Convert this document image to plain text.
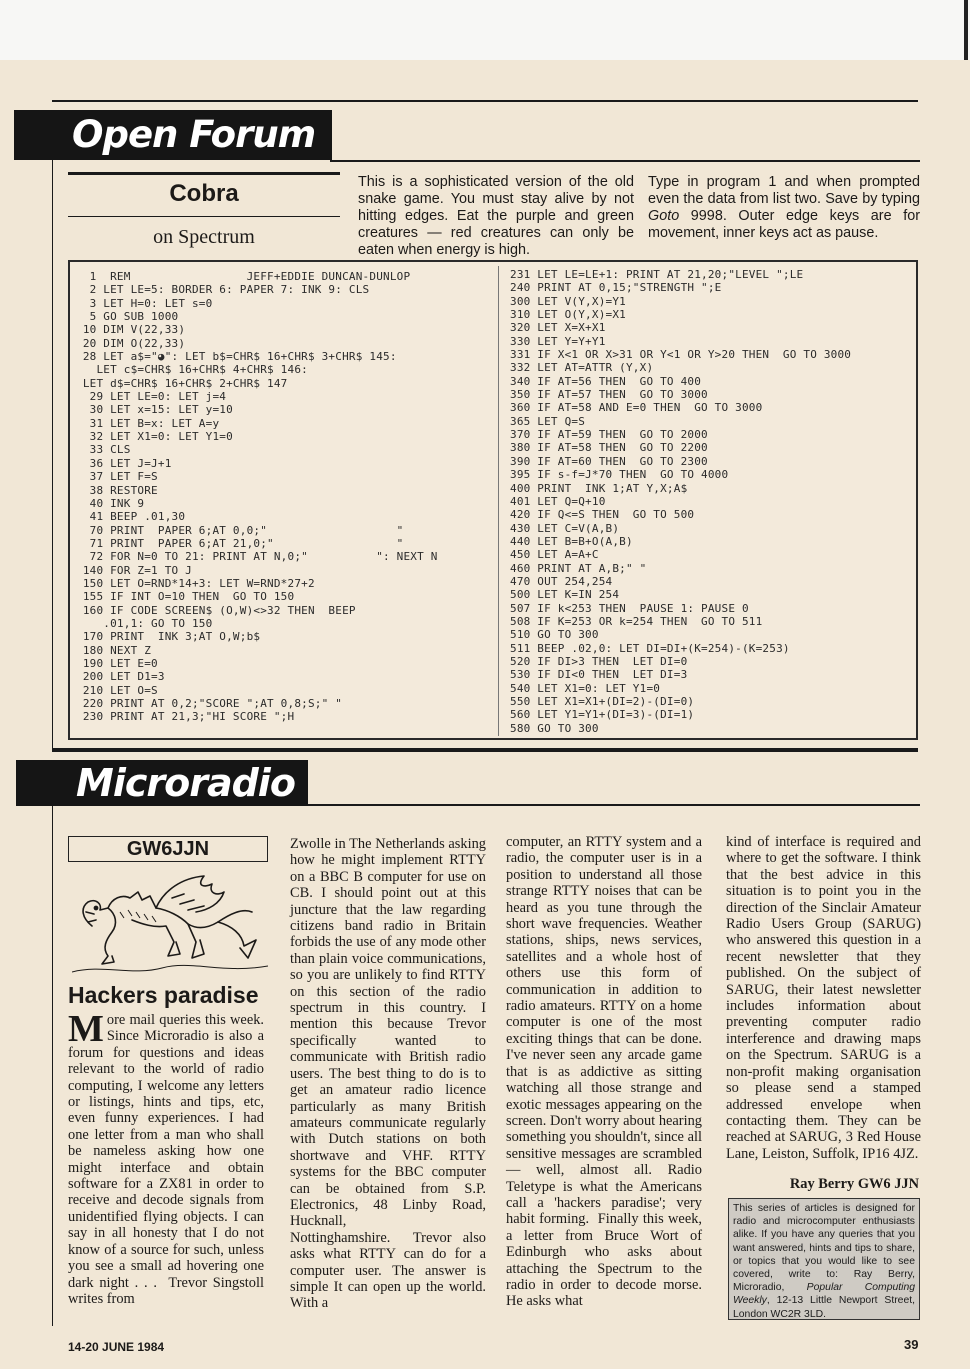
Open Forum
Cobra
on Spectrum
This is a sophisticated version of the old snake game. You must stay alive by not hitting edges. Eat the purple and green creatures — red creatures can only be eaten when energy is high.
Type in program 1 and when prompted even the data from list two. Save by typing Goto 9998. Outer edge keys are for movement, inner keys act as pause.
1  REM                 JEFF+EDDIE DUNCAN-DUNLOP
2 LET LE=5: BORDER 6: PAPER 7: INK 9: CLS
3 LET H=0: LET s=0
5 GO SUB 1000
10 DIM V(22,33)
20 DIM O(22,33)
28 LET a$="◕": LET b$=CHR$ 16+CHR$ 3+CHR$ 145:
LET c$=CHR$ 16+CHR$ 4+CHR$ 146:
LET d$=CHR$ 16+CHR$ 2+CHR$ 147
29 LET LE=0: LET j=4
30 LET x=15: LET y=10
31 LET B=x: LET A=y
32 LET X1=0: LET Y1=0
33 CLS
36 LET J=J+1
37 LET F=S
38 RESTORE
40 INK 9
41 BEEP .01,30
70 PRINT  PAPER 6;AT 0,0;"                   "
71 PRINT  PAPER 6;AT 21,0;"                  "
72 FOR N=0 TO 21: PRINT AT N,0;"          ": NEXT N
140 FOR Z=1 TO J
150 LET O=RND*14+3: LET W=RND*27+2
155 IF INT O=10 THEN  GO TO 150
160 IF CODE SCREEN$ (O,W)<>32 THEN  BEEP
.01,1: GO TO 150
170 PRINT  INK 3;AT O,W;b$
180 NEXT Z
190 LET E=0
200 LET D1=3
210 LET O=S
220 PRINT AT 0,2;"SCORE ";AT 0,8;S;" "
230 PRINT AT 21,3;"HI SCORE ";H
231 LET LE=LE+1: PRINT AT 21,20;"LEVEL ";LE
240 PRINT AT 0,15;"STRENGTH ";E
300 LET V(Y,X)=Y1
310 LET O(Y,X)=X1
320 LET X=X+X1
330 LET Y=Y+Y1
331 IF X<1 OR X>31 OR Y<1 OR Y>20 THEN  GO TO 3000
332 LET AT=ATTR (Y,X)
340 IF AT=56 THEN  GO TO 400
350 IF AT=57 THEN  GO TO 3000
360 IF AT=58 AND E=0 THEN  GO TO 3000
365 LET Q=S
370 IF AT=59 THEN  GO TO 2000
380 IF AT=58 THEN  GO TO 2200
390 IF AT=60 THEN  GO TO 2300
395 IF s-f=J*70 THEN  GO TO 4000
400 PRINT  INK 1;AT Y,X;A$
401 LET Q=Q+10
420 IF Q<=S THEN  GO TO 500
430 LET C=V(A,B)
440 LET B=B+O(A,B)
450 LET A=A+C
460 PRINT AT A,B;" "
470 OUT 254,254
500 LET K=IN 254
507 IF k<253 THEN  PAUSE 1: PAUSE 0
508 IF K=253 OR k=254 THEN  GO TO 511
510 GO TO 300
511 BEEP .02,0: LET DI=DI+(K=254)-(K=253)
520 IF DI>3 THEN  LET DI=0
530 IF DI<0 THEN  LET DI=3
540 LET X1=0: LET Y1=0
550 LET X1=X1+(DI=2)-(DI=0)
560 LET Y1=Y1+(DI=3)-(DI=1)
580 GO TO 300
Microradio
GW6JJN
Hackers paradise
More mail queries this week. Since Microradio is also a forum for questions and ideas relevant to the world of radio computing, I welcome any letters or listings, hints and tips, etc, even funny experiences. I had one letter from a man who shall be nameless asking how one might interface and obtain software for a ZX81 in order to receive and decode signals from unidentified flying objects. I can say in all honesty that I do not know of a source for such, unless you see a small ad hovering one dark night . . .  Trevor Singstoll writes from
Zwolle in The Netherlands asking how he might implement RTTY on a BBC B computer for use on CB. I should point out at this juncture that the law regarding citizens band radio in Britain forbids the use of any mode other than plain voice communications, so you are unlikely to find RTTY on this section of the radio spectrum in this country. I mention this because Trevor specifically wanted to communicate with British radio users. The best thing to do is to get an amateur radio licence particularly as many British amateurs communicate regularly with Dutch stations on both shortwave and VHF. RTTY systems for the BBC computer can be obtained from S.P. Electronics, 48 Linby Road, Hucknall, Nottinghamshire.  Trevor also asks what RTTY can do for a computer user. The answer is simple It can open up the world. With a
computer, an RTTY system and a radio, the computer user is in a position to understand all those strange RTTY noises that can be heard as you tune through the short wave frequencies. Weather stations, ships, news services, satellites and a whole host of others use this form of communication in addition to radio amateurs. RTTY on a home computer is one of the most exciting things that can be done. I've never seen any arcade game that is as addictive as sitting watching all those strange and exotic messages appearing on the screen. Don't worry about hearing something you shouldn't, since all sensitive messages are scrambled — well, almost all. Radio Teletype is what the Americans call a 'hackers paradise'; very habit forming.  Finally this week, a letter from Bruce Wort of Edinburgh who asks about attaching the Spectrum to the radio in order to decode morse. He asks what
kind of interface is required and where to get the software. I think that the best advice in this situation is to point you in the direction of the Sinclair Amateur Radio Users Group (SARUG) who answered this question in a recent newsletter that they published. On the subject of SARUG, their latest newsletter includes information about preventing computer radio interference and drawing maps on the Spectrum. SARUG is a non-profit making organisation so please send a stamped addressed envelope when contacting them. They can be reached at SARUG, 3 Red House Lane, Leiston, Suffolk, IP16 4JZ.
Ray Berry GW6 JJN
This series of articles is designed for radio and microcomputer enthusiasts alike. If you have any queries that you want answered, hints and tips to share, or topics that you would like to see covered, write to: Ray Berry, Microradio, Popular Computing Weekly, 12-13 Little Newport Street, London WC2R 3LD.
14-20 JUNE 1984	39
